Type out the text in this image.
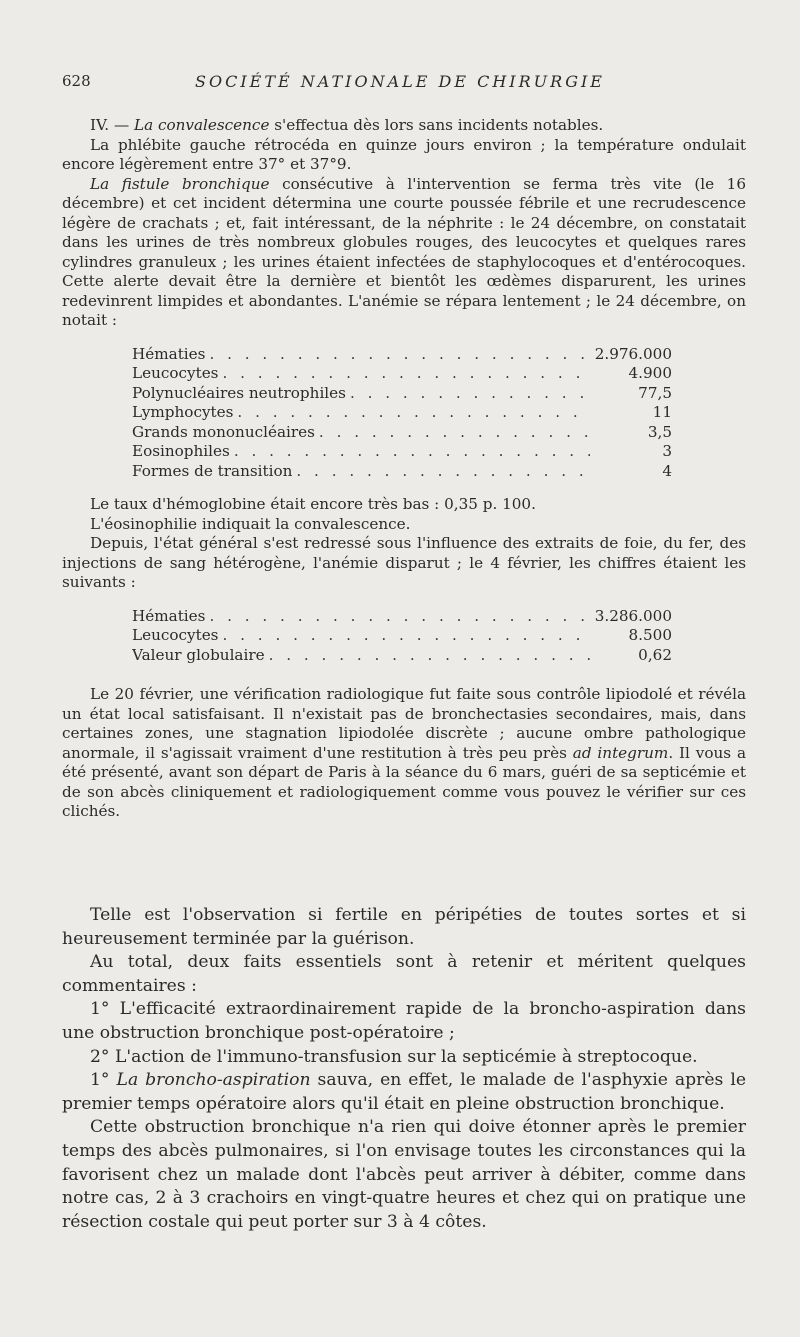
628	SOCIÉTÉ NATIONALE DE CHIRURGIE

IV. — La convalescence s'effectua dès lors sans incidents notables.

La phlébite gauche rétrocéda en quinze jours environ ; la température ondulait encore légèrement entre 37° et 37°9.

La fistule bronchique consécutive à l'intervention se ferma très vite (le 16 décembre) et cet incident détermina une courte poussée fébrile et une recrudescence légère de crachats ; et, fait intéressant, de la néphrite : le 24 décembre, on constatait dans les urines de très nombreux globules rouges, des leucocytes et quelques rares cylindres granuleux ; les urines étaient infectées de staphylocoques et d'entérocoques. Cette alerte devait être la dernière et bientôt les œdèmes disparurent, les urines redevinrent limpides et abondantes. L'anémie se répara lentement ; le 24 décembre, on notait :

Hématies . . .	2.976.000
Leucocytes . . .	4.900
Polynucléaires neutrophiles . . .	77,5
Lymphocytes . . .	11
Grands mononucléaires . . .	3,5
Eosinophiles . . .	3
Formes de transition . . .	4

Le taux d'hémoglobine était encore très bas : 0,35 p. 100.

L'éosinophilie indiquait la convalescence.

Depuis, l'état général s'est redressé sous l'influence des extraits de foie, du fer, des injections de sang hétérogène, l'anémie disparut ; le 4 février, les chiffres étaient les suivants :

Hématies . . .	3.286.000
Leucocytes . . .	8.500
Valeur globulaire . . .	0,62

Le 20 février, une vérification radiologique fut faite sous contrôle lipiodolé et révéla un état local satisfaisant. Il n'existait pas de bronchectasies secondaires, mais, dans certaines zones, une stagnation lipiodolée discrète ; aucune ombre pathologique anormale, il s'agissait vraiment d'une restitution à très peu près ad integrum. Il vous a été présenté, avant son départ de Paris à la séance du 6 mars, guéri de sa septicémie et de son abcès cliniquement et radiologiquement comme vous pouvez le vérifier sur ces clichés.

Telle est l'observation si fertile en péripéties de toutes sortes et si heureusement terminée par la guérison.

Au total, deux faits essentiels sont à retenir et méritent quelques commentaires :

1° L'efficacité extraordinairement rapide de la broncho-aspiration dans une obstruction bronchique post-opératoire ;

2° L'action de l'immuno-transfusion sur la septicémie à streptocoque.

1° La broncho-aspiration sauva, en effet, le malade de l'asphyxie après le premier temps opératoire alors qu'il était en pleine obstruction bronchique.

Cette obstruction bronchique n'a rien qui doive étonner après le premier temps des abcès pulmonaires, si l'on envisage toutes les circonstances qui la favorisent chez un malade dont l'abcès peut arriver à débiter, comme dans notre cas, 2 à 3 crachoirs en vingt-quatre heures et chez qui on pratique une résection costale qui peut porter sur 3 à 4 côtes.
